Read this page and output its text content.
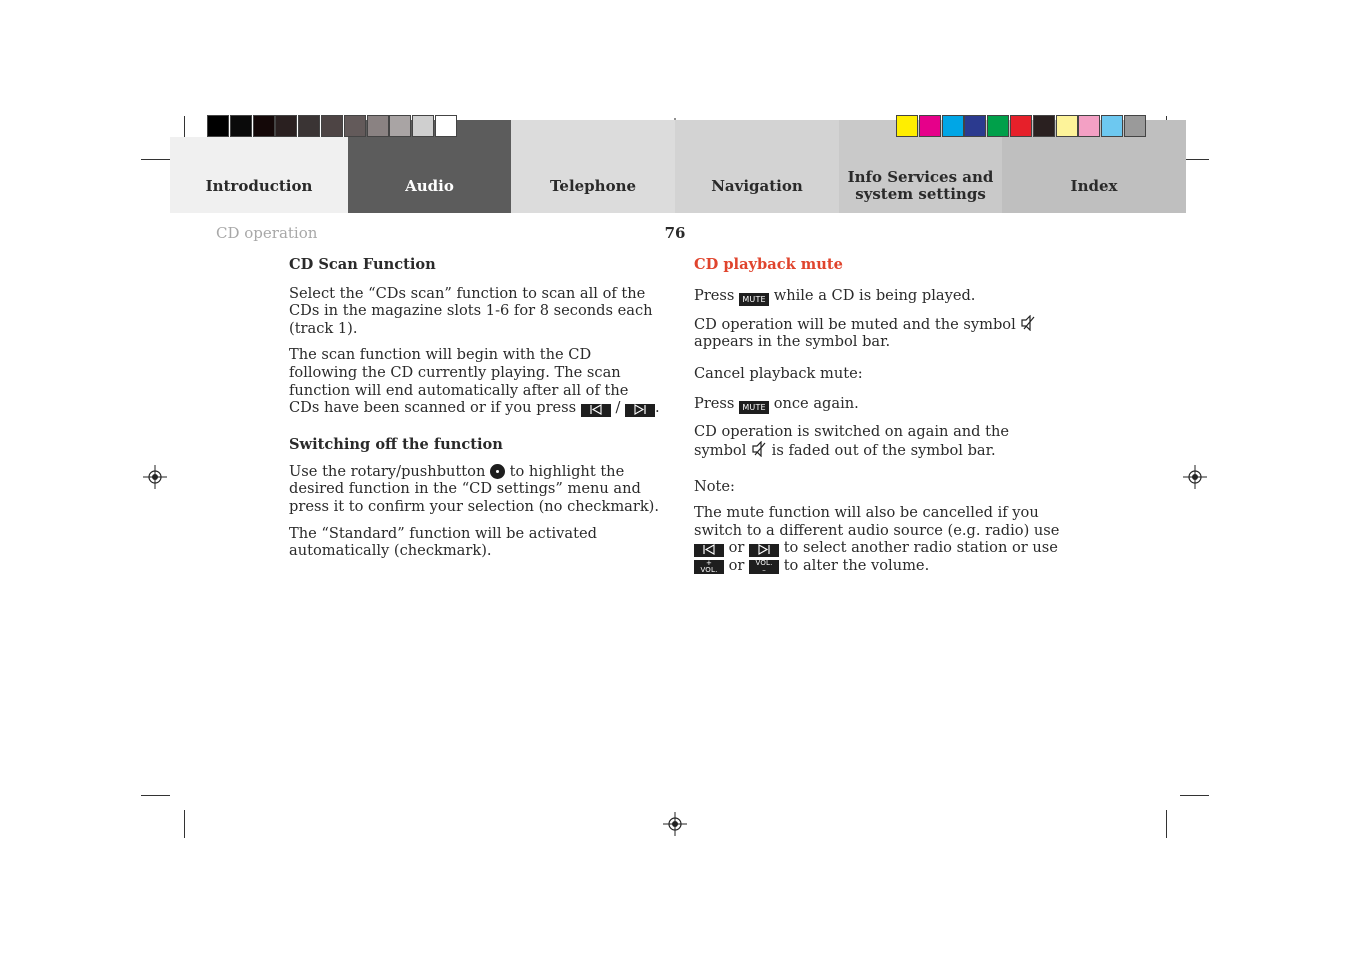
Introduction	Audio	Telephone	Navigation	Info Services and
system settings	Index
CD operation	76

CD Scan Function

Select the “CDs scan” function to scan all of the CDs in the magazine slots 1-6 for 8 seconds each (track 1).

The scan function will begin with the CD following the CD currently playing. The scan function will end automatically after all of the CDs have been scanned or if you press	/ .

Switching off the function

Use the rotary/pushbutton to highlight the desired function in the “CD settings” menu and press it to confirm your selection (no checkmark).

The “Standard” function will be activated automatically (checkmark).

CD playback mute

Press MUTE while a CD is being played.

CD operation will be muted and the symbol  appears in the symbol bar.

Cancel playback mute:

Press MUTE once again.

CD operation is switched on again and the symbol is faded out of the symbol bar.

Note:

The mute function will also be cancelled if you switch to a different audio source (e.g. radio) use  or	to select another radio station or use
+
VOL. or	VOL.
–	to alter the volume.
